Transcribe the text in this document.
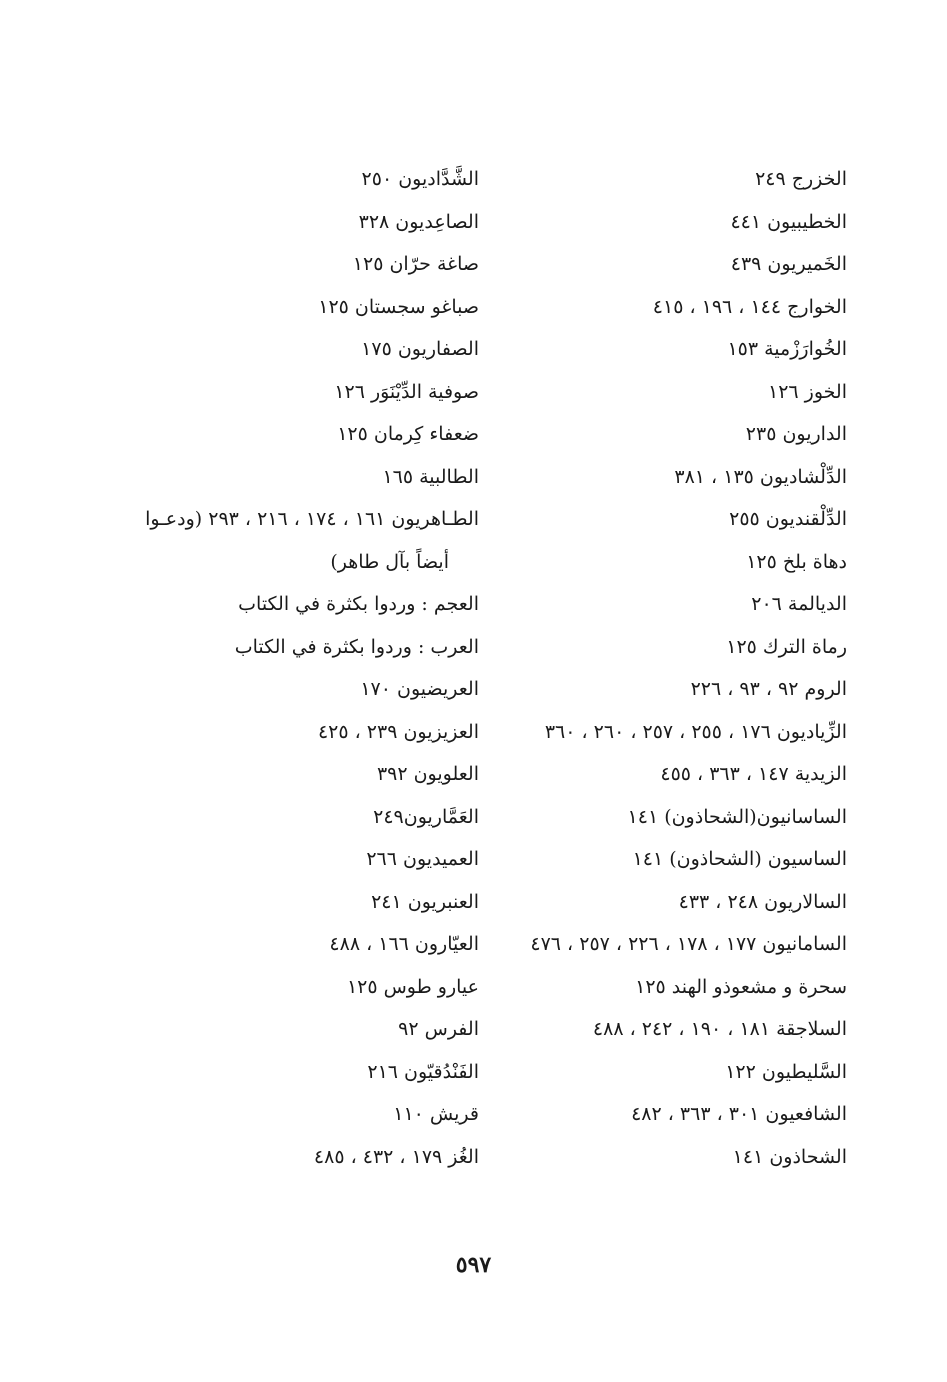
الخزرج ٢٤٩
الخطيبيون ٤٤١
الخَميريون ٤٣٩
الخوارج ١٤٤ ، ١٩٦ ، ٤١٥
الخُوارَزْمية ١٥٣
الخوز ١٢٦
الداريون ٢٣٥
الدِّلْشاديون ١٣٥ ، ٣٨١
الدِّلْقنديون ٢٥٥
دهاة بلخ ١٢٥
الديالمة ٢٠٦
رماة الترك ١٢٥
الروم ٩٢ ، ٩٣ ، ٢٢٦
الزِّياديون ١٧٦ ، ٢٥٥ ، ٢٥٧ ، ٢٦٠ ، ٣٦٠
الزيدية ١٤٧ ، ٣٦٣ ، ٤٥٥
الساسانيون(الشحاذون) ١٤١
الساسيون (الشحاذون) ١٤١
السالاريون ٢٤٨ ، ٤٣٣
السامانيون ١٧٧ ، ١٧٨ ، ٢٢٦ ، ٢٥٧ ، ٤٧٦
سحرة و مشعوذو الهند ١٢٥
السلاجقة ١٨١ ، ١٩٠ ، ٢٤٢ ، ٤٨٨
السَّليطيون ١٢٢
الشافعيون ٣٠١ ، ٣٦٣ ، ٤٨٢
الشحاذون ١٤١
الشَّدَّاديون ٢٥٠
الصاعِديون ٣٢٨
صاغة حرّان ١٢٥
صباغو سجستان ١٢٥
الصفاريون ١٧٥
صوفية الدِّيْنَوَر ١٢٦
ضعفاء كِرمان ١٢٥
الطالبية ١٦٥
الطـاهريون ١٦١ ، ١٧٤ ، ٢١٦ ، ٢٩٣ (ودعـوا
أيضاً بآل طاهر)
العجم : وردوا بكثرة في الكتاب
العرب : وردوا بكثرة في الكتاب
العريضيون ١٧٠
العزيزيون ٢٣٩ ، ٤٢٥
العلويون ٣٩٢
العَمَّاريون٢٤٩
العميديون ٢٦٦
العنبريون ٢٤١
العيّارون ١٦٦ ، ٤٨٨
عيارو طوس ١٢٥
الفرس ٩٢
الفَنْدُقيّون ٢١٦
قريش ١١٠
الغُز ١٧٩ ، ٤٣٢ ، ٤٨٥
٥٩٧
